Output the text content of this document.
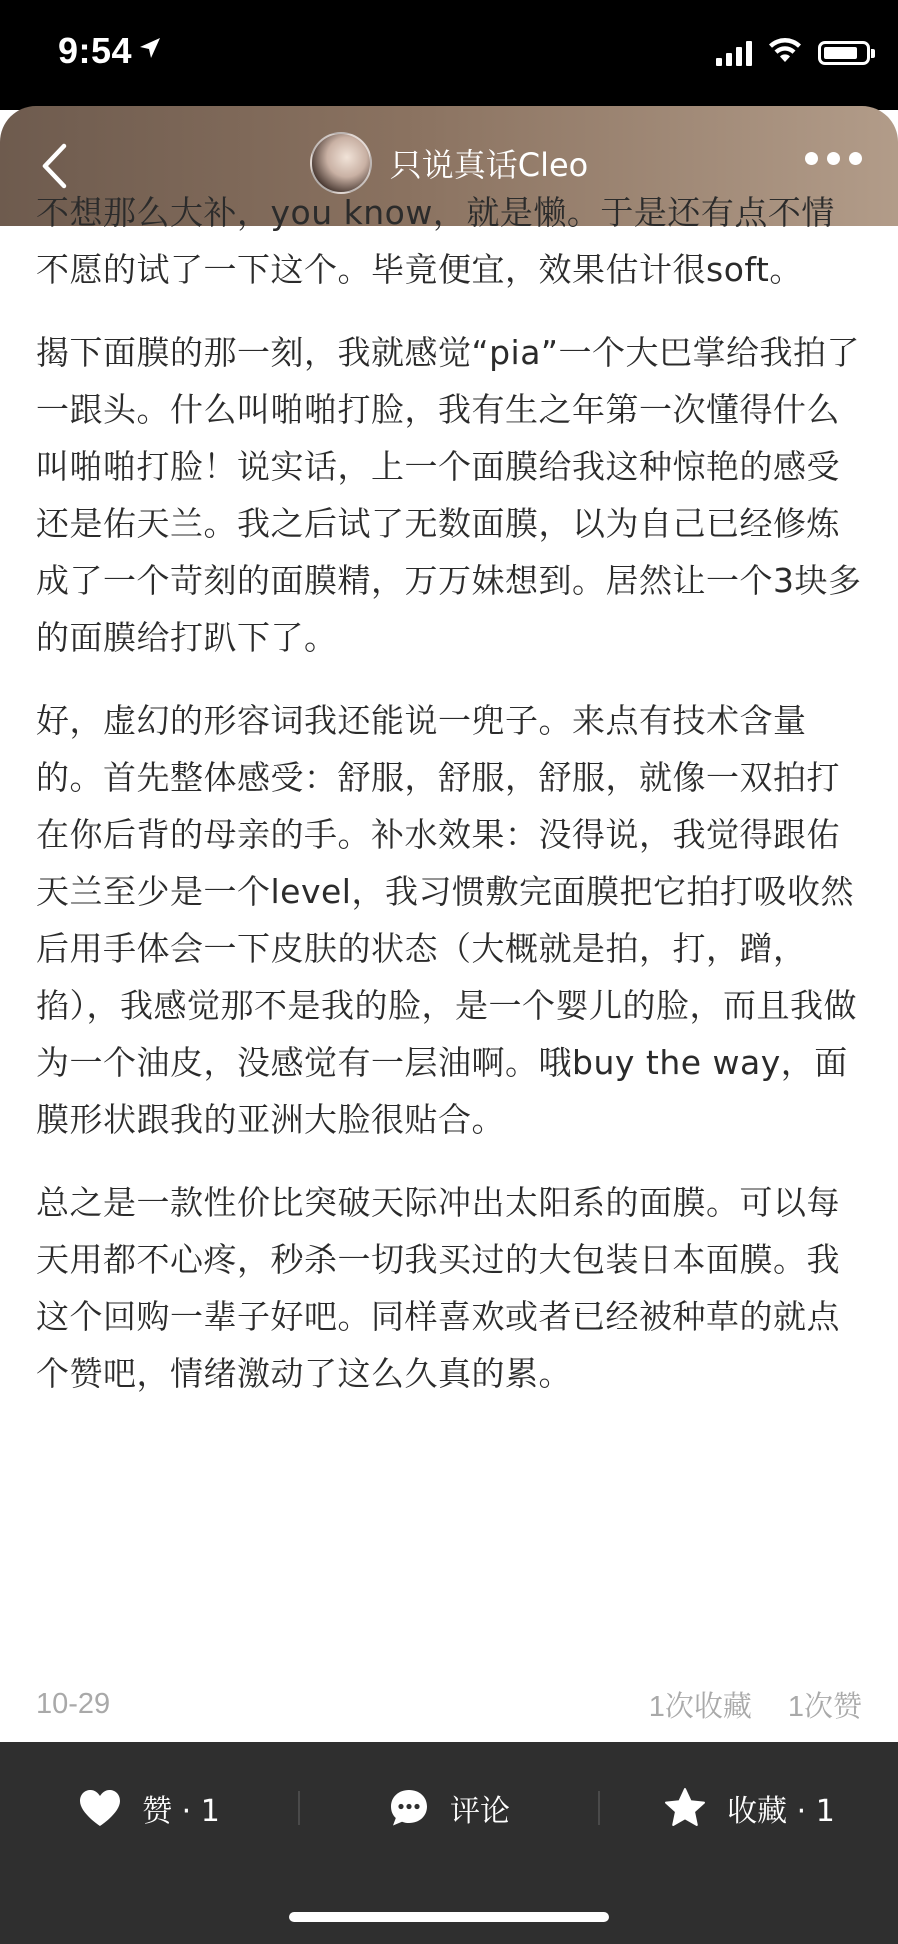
9:54
只说真话Cleo

不想那么大补，you know，就是懒。于是还有点不情不愿的试了一下这个。毕竟便宜，效果估计很soft。

揭下面膜的那一刻，我就感觉“pia”一个大巴掌给我拍了一跟头。什么叫啪啪打脸，我有生之年第一次懂得什么叫啪啪打脸！说实话，上一个面膜给我这种惊艳的感受还是佑天兰。我之后试了无数面膜，以为自己已经修炼成了一个苛刻的面膜精，万万妹想到。居然让一个3块多的面膜给打趴下了。

好，虚幻的形容词我还能说一兜子。来点有技术含量的。首先整体感受：舒服，舒服，舒服，就像一双拍打在你后背的母亲的手。补水效果：没得说，我觉得跟佑天兰至少是一个level，我习惯敷完面膜把它拍打吸收然后用手体会一下皮肤的状态（大概就是拍，打，蹭，掐），我感觉那不是我的脸，是一个婴儿的脸，而且我做为一个油皮，没感觉有一层油啊。哦buy the way，面膜形状跟我的亚洲大脸很贴合。

总之是一款性价比突破天际冲出太阳系的面膜。可以每天用都不心疼，秒杀一切我买过的大包装日本面膜。我这个回购一辈子好吧。同样喜欢或者已经被种草的就点个赞吧，情绪激动了这么久真的累。

10-29	1次收藏 1次赞
赞 · 1	评论	收藏 · 1
